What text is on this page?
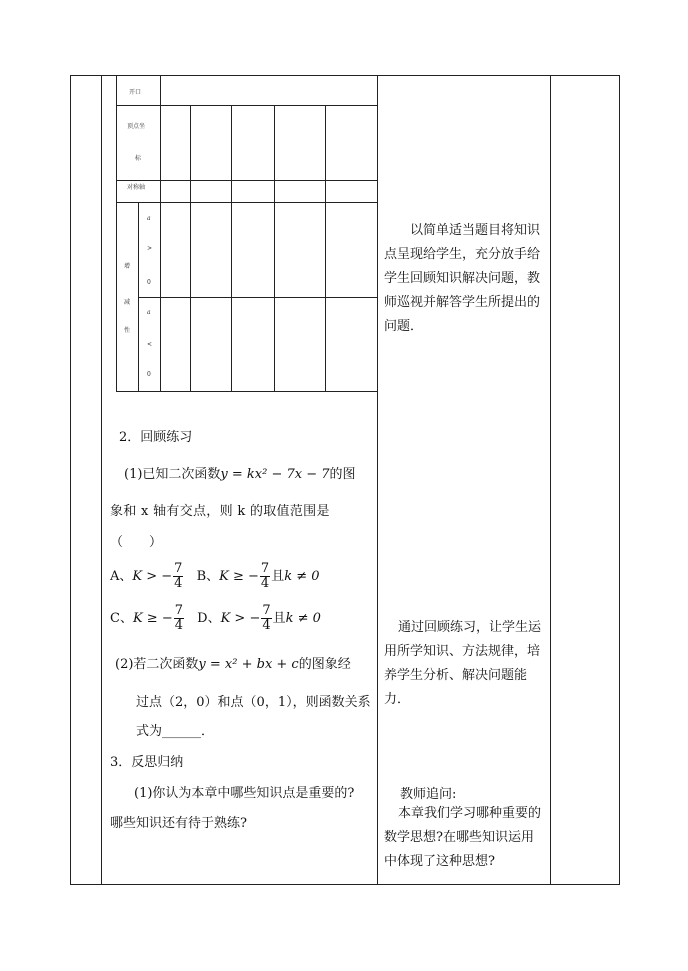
开口
顶点坐
标
对称轴
增
减
性
a
>
0
a
<
0
2．回顾练习
(1)已知二次函数y = kx² − 7x − 7的图
象和 x 轴有交点，则 k 的取值范围是
（　　）
A、K > − $\frac{7}{4}$ B、K ≥ − $\frac{7}{4}$ 且k ≠ 0
C、K ≥ − $\frac{7}{4}$ D、K > − $\frac{7}{4}$ 且k ≠ 0
(2)若二次函数y = x² + bx + c的图象经
过点（2，0）和点（0，1），则函数关系
式为______．
3．反思归纳
(1)你认为本章中哪些知识点是重要的?
哪些知识还有待于熟练?
以简单适当题目将知识点呈现给学生，充分放手给学生回顾知识解决问题，教师巡视并解答学生所提出的问题．
通过回顾练习，让学生运用所学知识、方法规律，培养学生分析、解决问题能力．
教师追问:
本章我们学习哪种重要的数学思想?在哪些知识运用中体现了这种思想?
